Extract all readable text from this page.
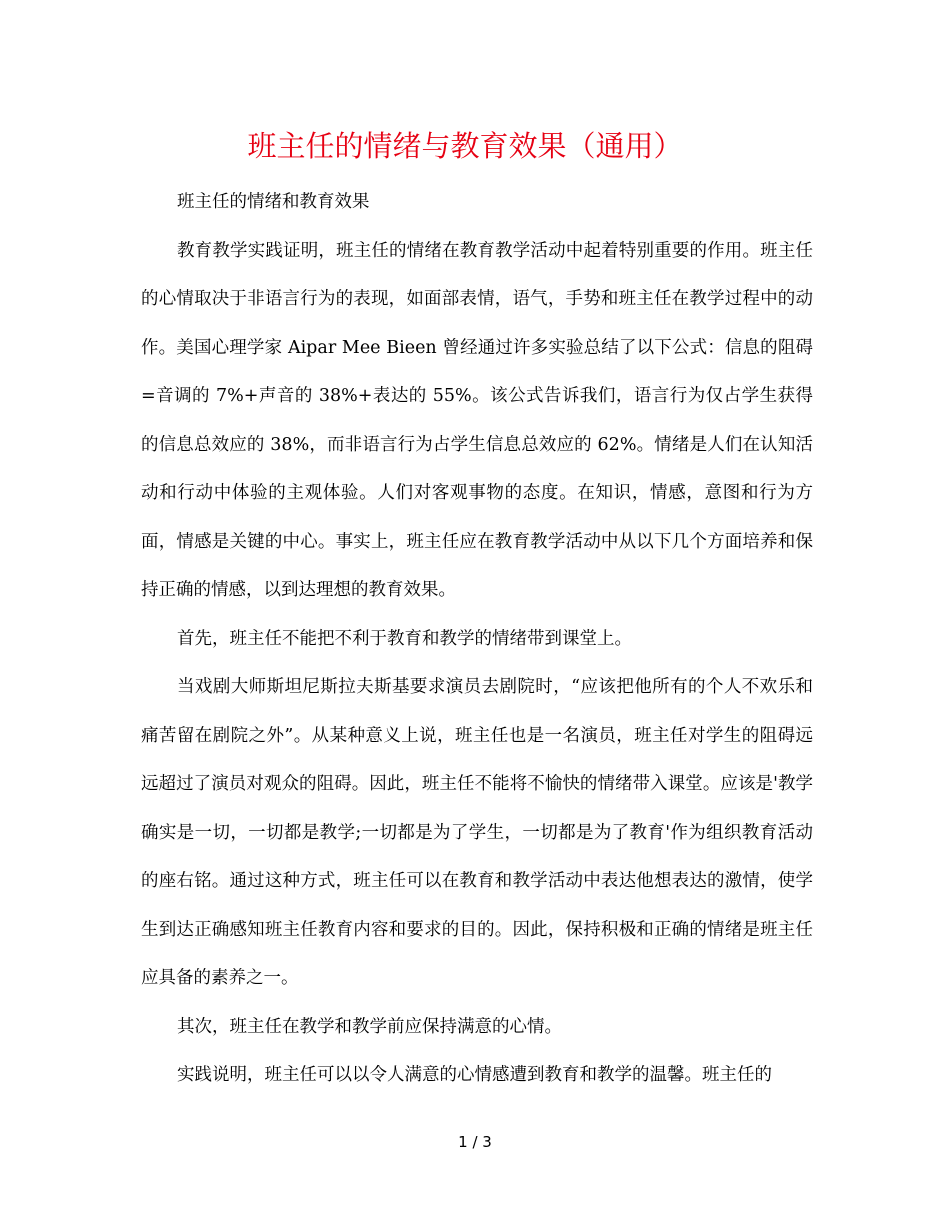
班主任的情绪与教育效果（通用）

班主任的情绪和教育效果

教育教学实践证明，班主任的情绪在教育教学活动中起着特别重要的作用。班主任的心情取决于非语言行为的表现，如面部表情，语气，手势和班主任在教学过程中的动作。美国心理学家 Aipar Mee Bieen 曾经通过许多实验总结了以下公式：信息的阻碍=音调的 7%+声音的 38%+表达的 55%。该公式告诉我们，语言行为仅占学生获得的信息总效应的 38%，而非语言行为占学生信息总效应的 62%。情绪是人们在认知活动和行动中体验的主观体验。人们对客观事物的态度。在知识，情感，意图和行为方面，情感是关键的中心。事实上，班主任应在教育教学活动中从以下几个方面培养和保持正确的情感，以到达理想的教育效果。

首先，班主任不能把不利于教育和教学的情绪带到课堂上。

当戏剧大师斯坦尼斯拉夫斯基要求演员去剧院时，“应该把他所有的个人不欢乐和痛苦留在剧院之外”。从某种意义上说，班主任也是一名演员，班主任对学生的阻碍远远超过了演员对观众的阻碍。因此，班主任不能将不愉快的情绪带入课堂。应该是'教学确实是一切，一切都是教学;一切都是为了学生，一切都是为了教育'作为组织教育活动的座右铭。通过这种方式，班主任可以在教育和教学活动中表达他想表达的激情，使学生到达正确感知班主任教育内容和要求的目的。因此，保持积极和正确的情绪是班主任应具备的素养之一。

其次，班主任在教学和教学前应保持满意的心情。

实践说明，班主任可以以令人满意的心情感遭到教育和教学的温馨。班主任的

1 / 3
